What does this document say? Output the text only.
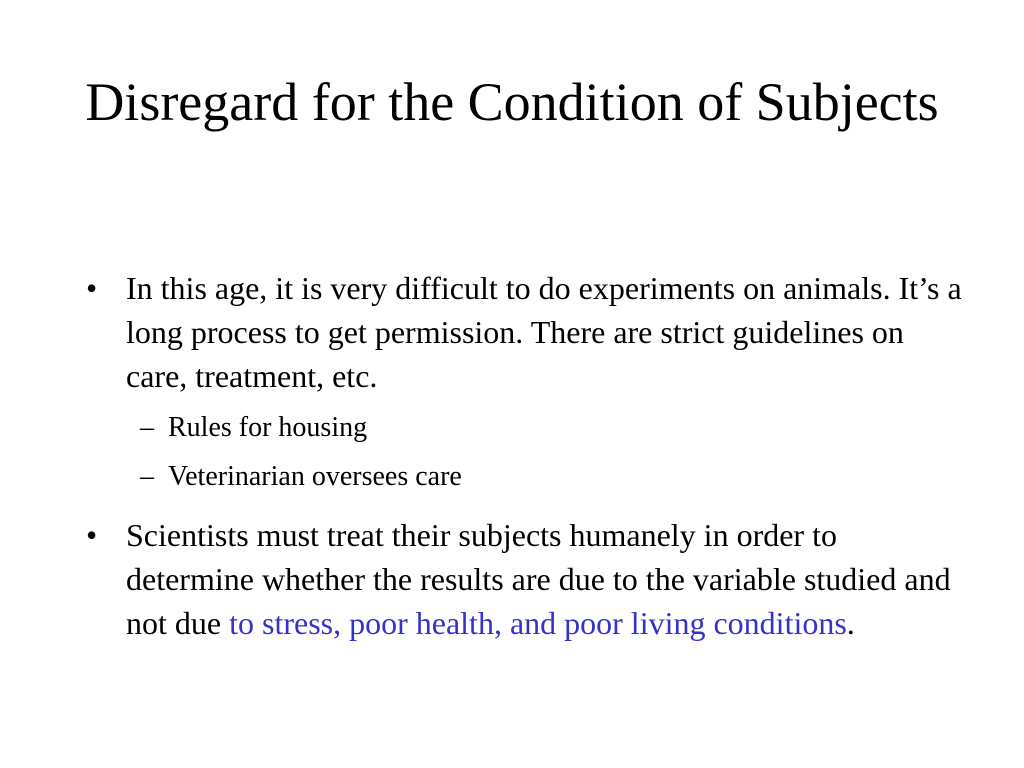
Disregard for the Condition of Subjects
• In this age, it is very difficult to do experiments on animals. It’s a long process to get permission. There are strict guidelines on care, treatment, etc.
– Rules for housing
– Veterinarian oversees care
• Scientists must treat their subjects humanely in order to determine whether the results are due to the variable studied and not due to stress, poor health, and poor living conditions.
